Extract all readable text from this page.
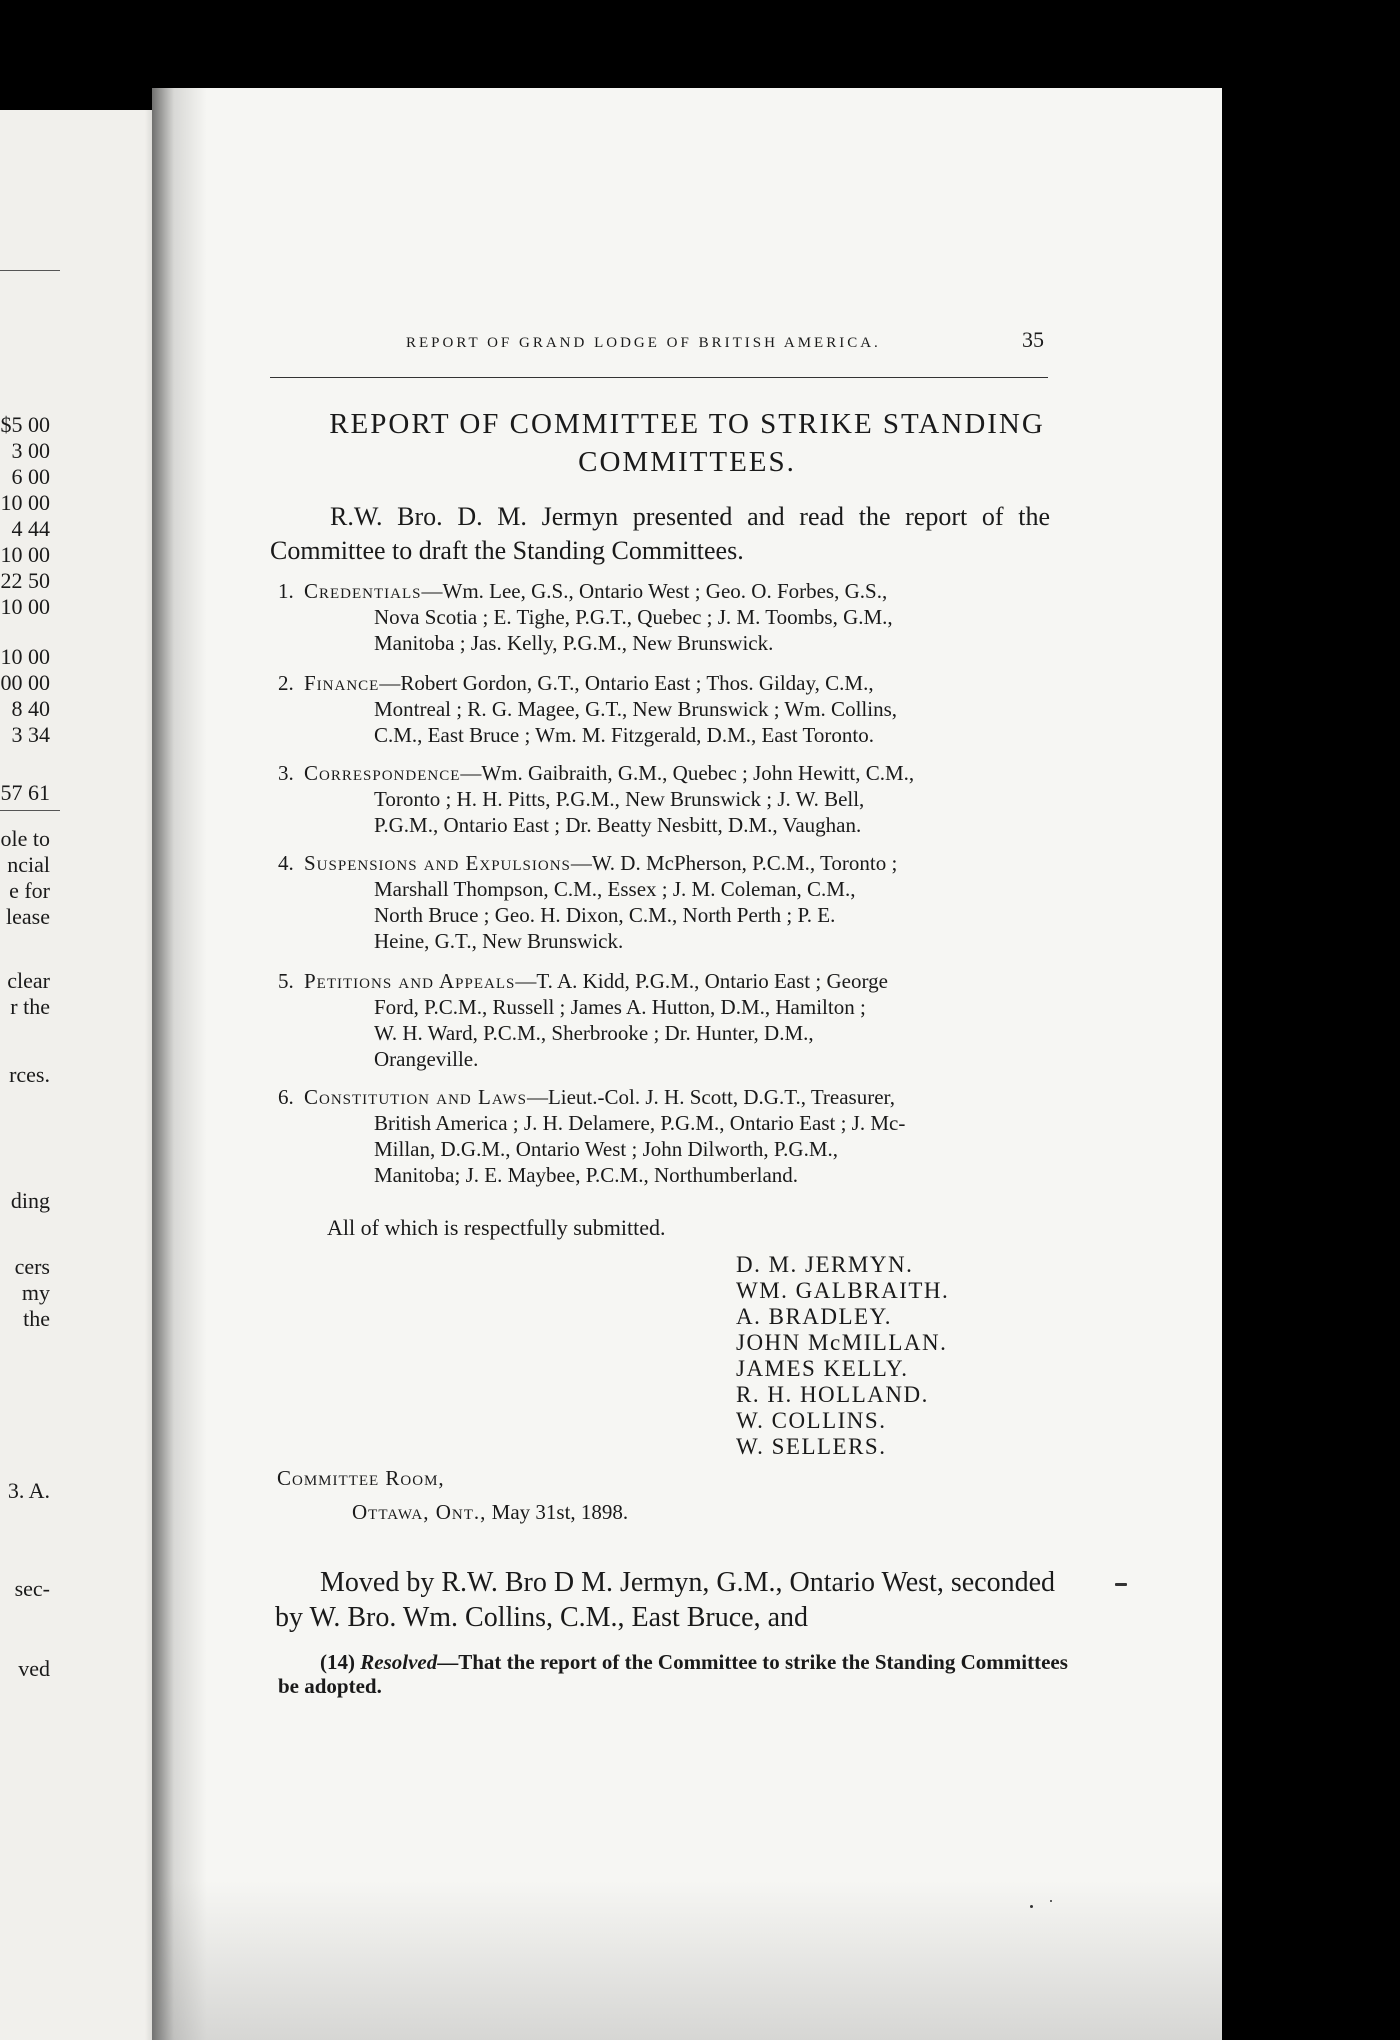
$5 00
3 00
6 00
10 00
4 44
10 00
22 50
10 00
10 00
00 00
8 40
3 34
57 61
ole to
ncial
e for
lease
clear
r the
rces.
ding
cers
my
the
3. A.
sec-
ved
REPORT OF GRAND LODGE OF BRITISH AMERICA.	35
REPORT OF COMMITTEE TO STRIKE STANDING
COMMITTEES.
R.W. Bro. D. M. Jermyn presented and read the report of the Committee to draft the Standing Committees.
1. Credentials—Wm. Lee, G.S., Ontario West ; Geo. O. Forbes, G.S.,
Nova Scotia ; E. Tighe, P.G.T., Quebec ; J. M. Toombs, G.M.,
Manitoba ; Jas. Kelly, P.G.M., New Brunswick.
2. Finance—Robert Gordon, G.T., Ontario East ; Thos. Gilday, C.M.,
Montreal ; R. G. Magee, G.T., New Brunswick ; Wm. Collins,
C.M., East Bruce ; Wm. M. Fitzgerald, D.M., East Toronto.
3. Correspondence—Wm. Gaibraith, G.M., Quebec ; John Hewitt, C.M.,
Toronto ; H. H. Pitts, P.G.M., New Brunswick ; J. W. Bell,
P.G.M., Ontario East ; Dr. Beatty Nesbitt, D.M., Vaughan.
4. Suspensions and Expulsions—W. D. McPherson, P.C.M., Toronto ;
Marshall Thompson, C.M., Essex ; J. M. Coleman, C.M.,
North Bruce ; Geo. H. Dixon, C.M., North Perth ; P. E.
Heine, G.T., New Brunswick.
5. Petitions and Appeals—T. A. Kidd, P.G.M., Ontario East ; George
Ford, P.C.M., Russell ; James A. Hutton, D.M., Hamilton ;
W. H. Ward, P.C.M., Sherbrooke ; Dr. Hunter, D.M.,
Orangeville.
6. Constitution and Laws—Lieut.-Col. J. H. Scott, D.G.T., Treasurer,
British America ; J. H. Delamere, P.G.M., Ontario East ; J. Mc-
Millan, D.G.M., Ontario West ; John Dilworth, P.G.M.,
Manitoba; J. E. Maybee, P.C.M., Northumberland.
All of which is respectfully submitted.
D. M. JERMYN.
WM. GALBRAITH.
A. BRADLEY.
JOHN McMILLAN.
JAMES KELLY.
R. H. HOLLAND.
W. COLLINS.
W. SELLERS.
Committee Room,
Ottawa, Ont., May 31st, 1898.
Moved by R.W. Bro D M. Jermyn, G.M., Ontario West, seconded by W. Bro. Wm. Collins, C.M., East Bruce, and
(14) Resolved—That the report of the Committee to strike the Standing Committees be adopted.
